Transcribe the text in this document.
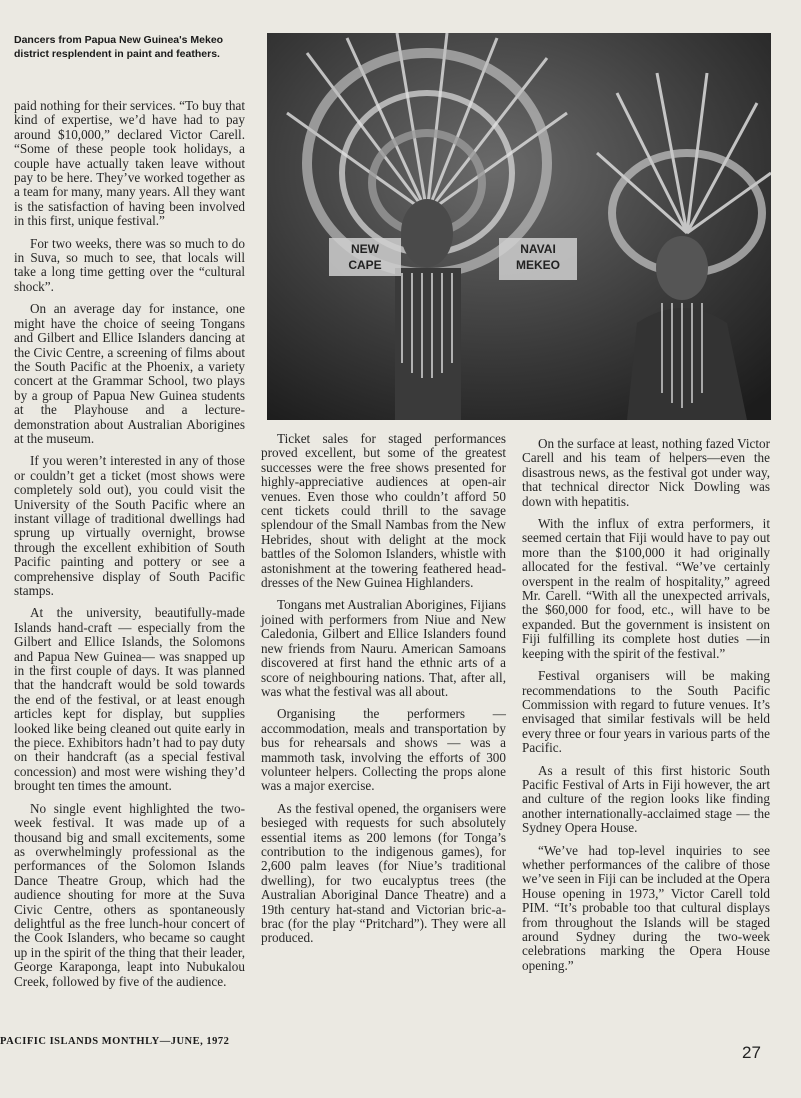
Dancers from Papua New Guinea's Mekeo district resplendent in paint and feathers.
NEW
CAPE
NAVAI
MEKEO

paid nothing for their services. “To buy that kind of expertise, we’d have had to pay around $10,000,” declared Victor Carell. “Some of these people took holidays, a couple have actually taken leave without pay to be here. They’ve worked together as a team for many, many years. All they want is the satisfaction of having been involved in this first, unique festival.”

For two weeks, there was so much to do in Suva, so much to see, that locals will take a long time getting over the “cultural shock”.

On an average day for instance, one might have the choice of seeing Tongans and Gilbert and Ellice Islanders dancing at the Civic Centre, a screening of films about the South Pacific at the Phoenix, a variety concert at the Grammar School, two plays by a group of Papua New Guinea students at the Playhouse and a lecture-demonstration about Australian Aborigines at the museum.

If you weren’t interested in any of those or couldn’t get a ticket (most shows were completely sold out), you could visit the University of the South Pacific where an instant village of traditional dwellings had sprung up virtually overnight, browse through the excellent exhibition of South Pacific painting and pottery or see a comprehensive display of South Pacific stamps.

At the university, beautifully-made Islands hand-craft — especially from the Gilbert and Ellice Islands, the Solomons and Papua New Guinea— was snapped up in the first couple of days. It was planned that the handcraft would be sold towards the end of the festival, or at least enough articles kept for display, but supplies looked like being cleaned out quite early in the piece. Exhibitors hadn’t had to pay duty on their handcraft (as a special festival concession) and most were wishing they’d brought ten times the amount.

No single event highlighted the two-week festival. It was made up of a thousand big and small excitements, some as overwhelmingly professional as the performances of the Solomon Islands Dance Theatre Group, which had the audience shouting for more at the Suva Civic Centre, others as spontaneously delightful as the free lunch-hour concert of the Cook Islanders, who became so caught up in the spirit of the thing that their leader, George Karaponga, leapt into Nubukalou Creek, followed by five of the audience.

Ticket sales for staged performances proved excellent, but some of the greatest successes were the free shows presented for highly-appreciative audiences at open-air venues. Even those who couldn’t afford 50 cent tickets could thrill to the savage splendour of the Small Nambas from the New Hebrides, shout with delight at the mock battles of the Solomon Islanders, whistle with astonishment at the towering feathered head-dresses of the New Guinea Highlanders.

Tongans met Australian Aborigines, Fijians joined with performers from Niue and New Caledonia, Gilbert and Ellice Islanders found new friends from Nauru. American Samoans discovered at first hand the ethnic arts of a score of neighbouring nations. That, after all, was what the festival was all about.

Organising the performers — accommodation, meals and transportation by bus for rehearsals and shows — was a mammoth task, involving the efforts of 300 volunteer helpers. Collecting the props alone was a major exercise.

As the festival opened, the organisers were besieged with requests for such absolutely essential items as 200 lemons (for Tonga’s contribution to the indigenous games), for 2,600 palm leaves (for Niue’s traditional dwelling), for two eucalyptus trees (the Australian Aboriginal Dance Theatre) and a 19th century hat-stand and Victorian bric-a-brac (for the play “Pritchard”). They were all produced.

On the surface at least, nothing fazed Victor Carell and his team of helpers—even the disastrous news, as the festival got under way, that technical director Nick Dowling was down with hepatitis.

With the influx of extra performers, it seemed certain that Fiji would have to pay out more than the $100,000 it had originally allocated for the festival. “We’ve certainly overspent in the realm of hospitality,” agreed Mr. Carell. “With all the unexpected arrivals, the $60,000 for food, etc., will have to be expanded. But the government is insistent on Fiji fulfilling its complete host duties —in keeping with the spirit of the festival.”

Festival organisers will be making recommendations to the South Pacific Commission with regard to future venues. It’s envisaged that similar festivals will be held every three or four years in various parts of the Pacific.

As a result of this first historic South Pacific Festival of Arts in Fiji however, the art and culture of the region looks like finding another internationally-acclaimed stage — the Sydney Opera House.

“We’ve had top-level inquiries to see whether performances of the calibre of those we’ve seen in Fiji can be included at the Opera House opening in 1973,” Victor Carell told PIM. “It’s probable too that cultural displays from throughout the Islands will be staged around Sydney during the two-week celebrations marking the Opera House opening.”

PACIFIC ISLANDS MONTHLY—JUNE, 1972
27
